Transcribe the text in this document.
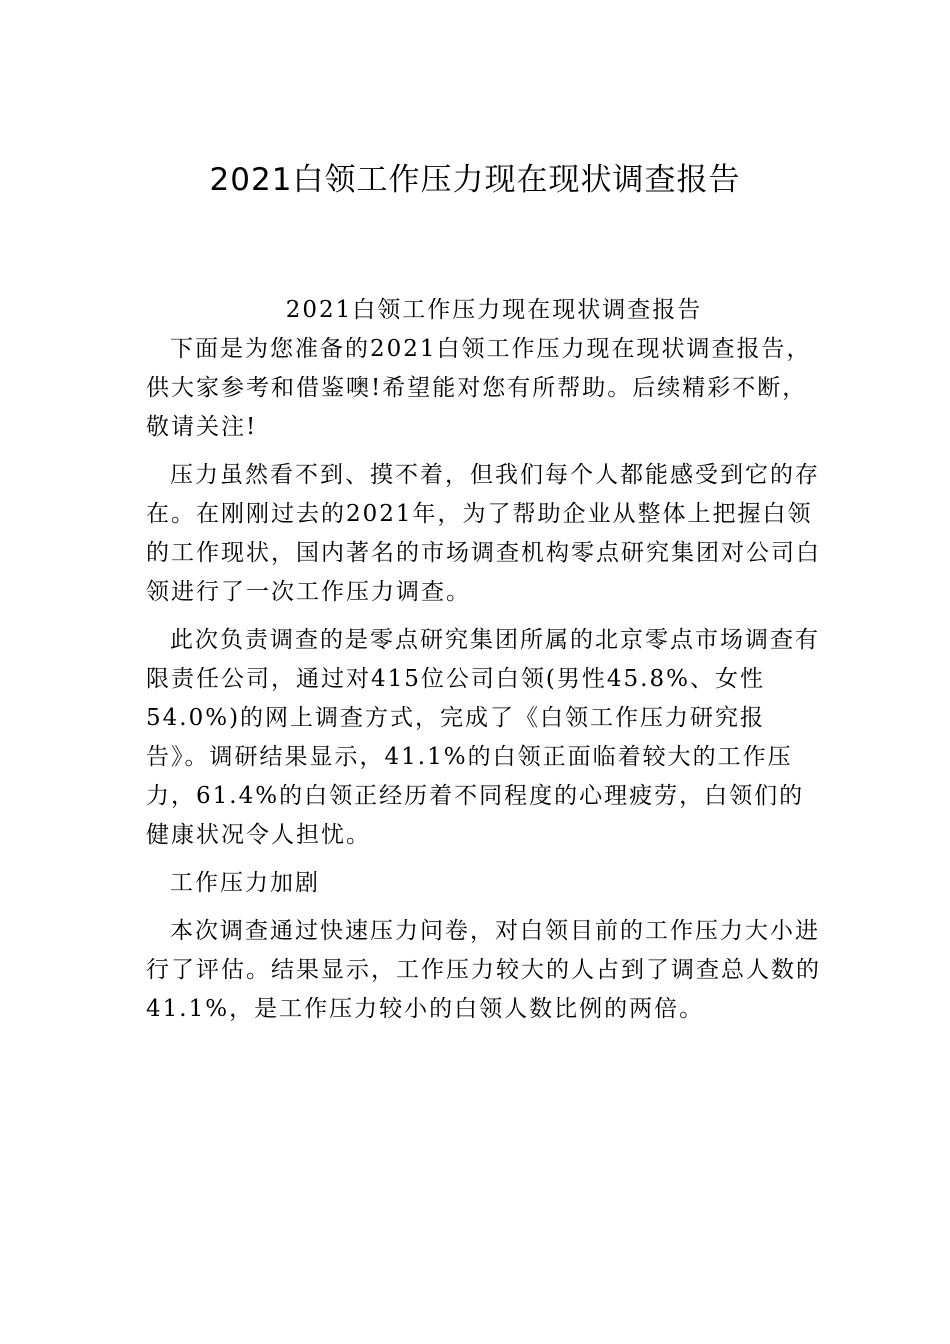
2021白领工作压力现在现状调查报告
2021白领工作压力现在现状调查报告

下面是为您准备的2021白领工作压力现在现状调查报告，供大家参考和借鉴噢!希望能对您有所帮助。后续精彩不断，敬请关注!

压力虽然看不到、摸不着，但我们每个人都能感受到它的存在。在刚刚过去的2021年，为了帮助企业从整体上把握白领的工作现状，国内著名的市场调查机构零点研究集团对公司白领进行了一次工作压力调查。

此次负责调查的是零点研究集团所属的北京零点市场调查有限责任公司，通过对415位公司白领(男性45.8%、女性54.0%)的网上调查方式，完成了《白领工作压力研究报告》。调研结果显示，41.1%的白领正面临着较大的工作压力，61.4%的白领正经历着不同程度的心理疲劳，白领们的健康状况令人担忧。

工作压力加剧

本次调查通过快速压力问卷，对白领目前的工作压力大小进行了评估。结果显示，工作压力较大的人占到了调查总人数的41.1%，是工作压力较小的白领人数比例的两倍。
